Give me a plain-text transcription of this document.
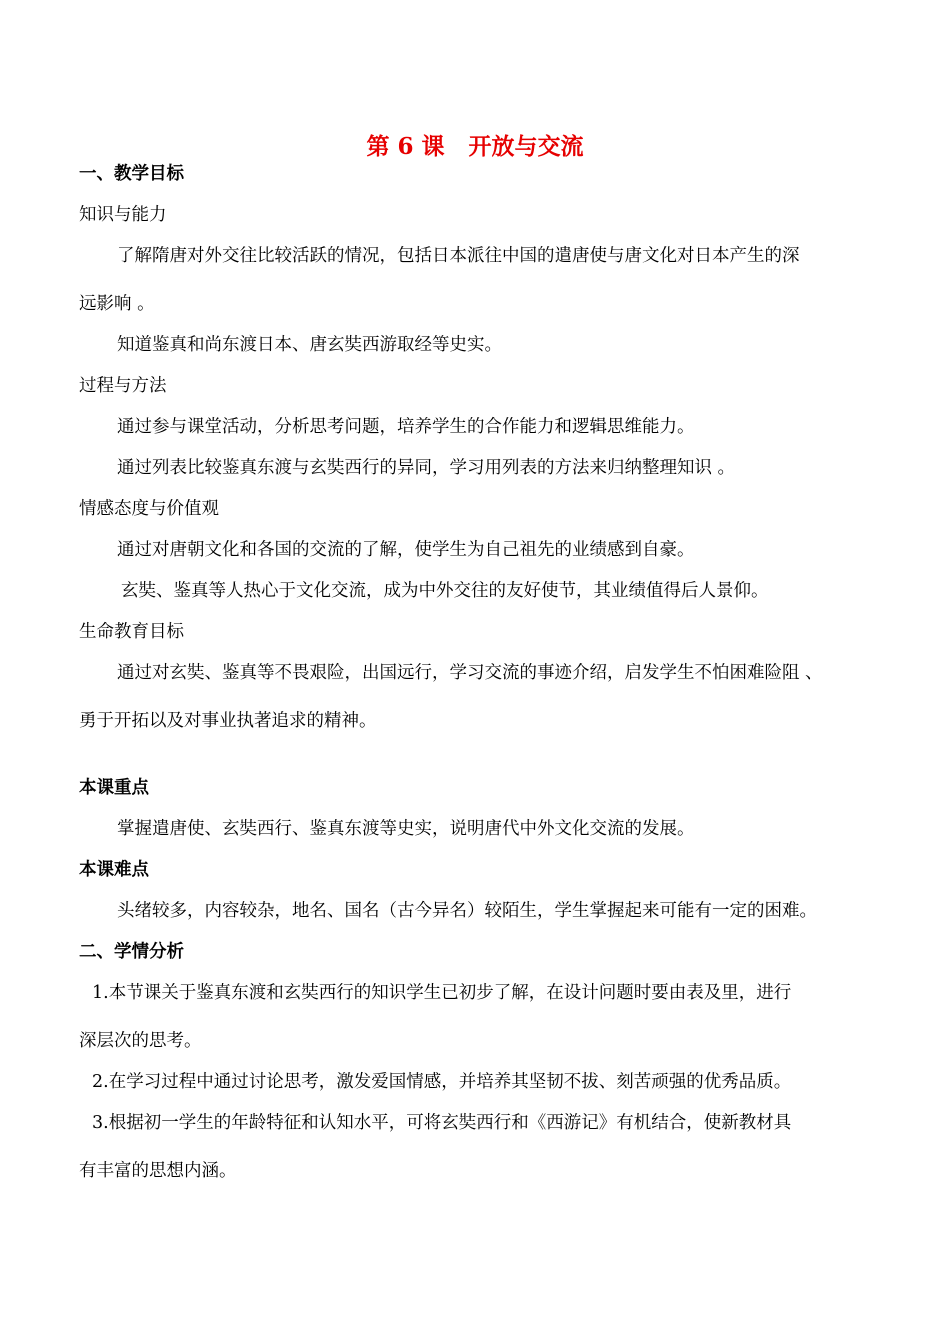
第 6 课 开放与交流
一、教学目标
知识与能力
了解隋唐对外交往比较活跃的情况，包括日本派往中国的遣唐使与唐文化对日本产生的深
远影响 。
知道鉴真和尚东渡日本、唐玄奘西游取经等史实。
过程与方法
通过参与课堂活动，分析思考问题，培养学生的合作能力和逻辑思维能力。
通过列表比较鉴真东渡与玄奘西行的异同，学习用列表的方法来归纳整理知识 。
情感态度与价值观
通过对唐朝文化和各国的交流的了解，使学生为自己祖先的业绩感到自豪。
玄奘、鉴真等人热心于文化交流，成为中外交往的友好使节，其业绩值得后人景仰。
生命教育目标
通过对玄奘、鉴真等不畏艰险，出国远行，学习交流的事迹介绍，启发学生不怕困难险阻 、
勇于开拓以及对事业执著追求的精神。
本课重点
掌握遣唐使、玄奘西行、鉴真东渡等史实，说明唐代中外文化交流的发展。
本课难点
头绪较多，内容较杂，地名、国名（古今异名）较陌生，学生掌握起来可能有一定的困难。
二、学情分析
1.本节课关于鉴真东渡和玄奘西行的知识学生已初步了解，在设计问题时要由表及里，进行
深层次的思考。
2.在学习过程中通过讨论思考，激发爱国情感，并培养其坚韧不拔、刻苦顽强的优秀品质。
3.根据初一学生的年龄特征和认知水平，可将玄奘西行和《西游记》有机结合，使新教材具
有丰富的思想内涵。
